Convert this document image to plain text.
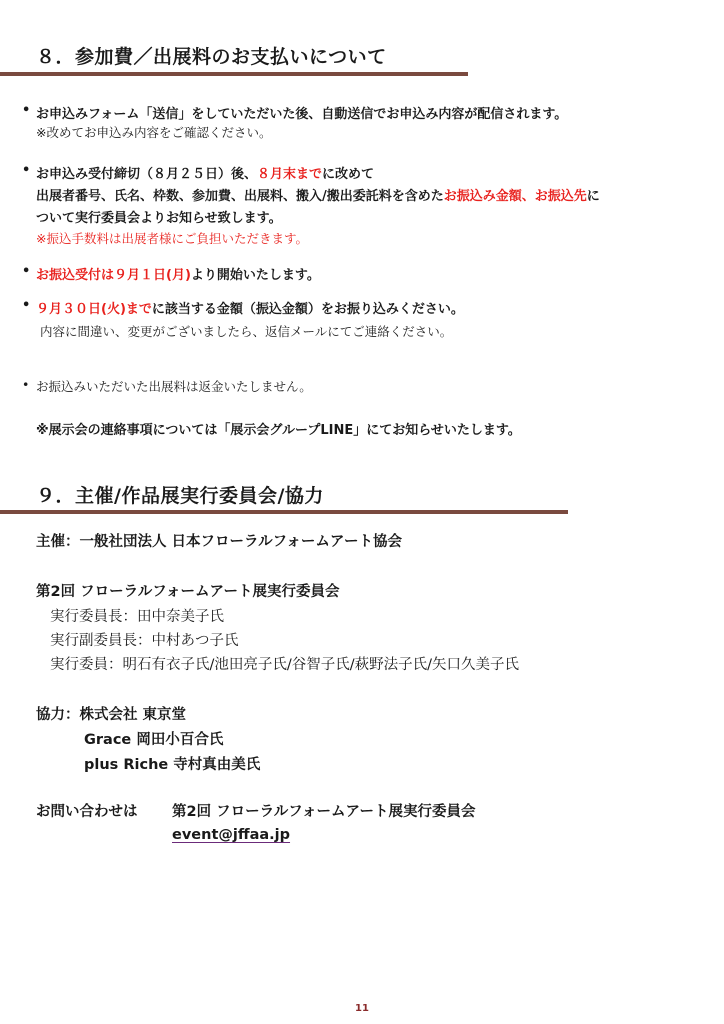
８．参加費／出展料のお支払いについて
• お申込みフォーム「送信」をしていただいた後、自動送信でお申込み内容が配信されます。
※改めてお申込み内容をご確認ください。
• お申込み受付締切（８月２５日）後、８月末までに改めて
出展者番号、氏名、枠数、参加費、出展料、搬入/搬出委託料を含めたお振込み金額、お振込先に
ついて実行委員会よりお知らせ致します。
※振込手数料は出展者様にご負担いただきます。
• お振込受付は９月１日(月)より開始いたします。
• ９月３０日(火)までに該当する金額（振込金額）をお振り込みください。
内容に間違い、変更がございましたら、返信メールにてご連絡ください。
• お振込みいただいた出展料は返金いたしません。
※展示会の連絡事項については「展示会グループLINE」にてお知らせいたします。
９．主催/作品展実行委員会/協力
主催：一般社団法人 日本フローラルフォームアート協会
第2回 フローラルフォームアート展実行委員会
実行委員長：田中奈美子氏
実行副委員長：中村あつ子氏
実行委員：明石有衣子氏/池田亮子氏/谷智子氏/萩野法子氏/矢口久美子氏
協力：株式会社 東京堂
Grace 岡田小百合氏
plus Riche 寺村真由美氏
お問い合わせは 第2回 フローラルフォームアート展実行委員会
event@jffaa.jp
11
